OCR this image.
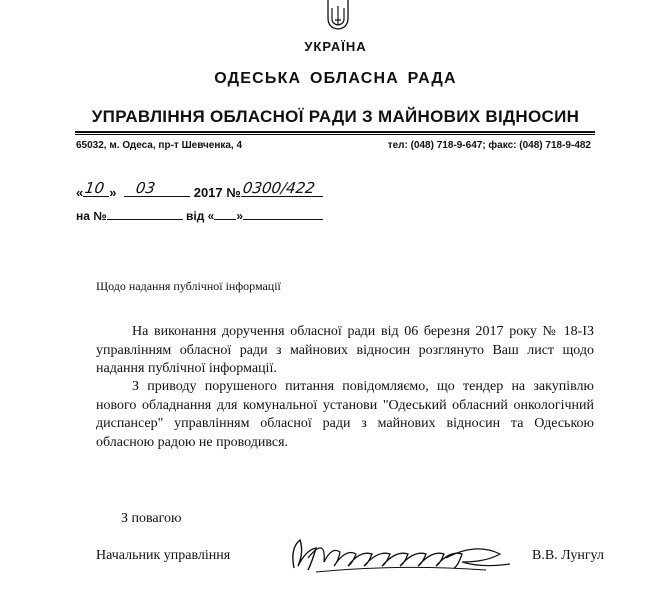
УКРАЇНА
ОДЕСЬКА ОБЛАСНА РАДА
УПРАВЛІННЯ ОБЛАСНОЇ РАДИ З МАЙНОВИХ ВІДНОСИН
65032, м. Одеса, пр-т Шевченка, 4	тел: (048) 718-9-647; факс: (048) 718-9-482
« 10 » 03	2017 № 0300/422
на №	від « »
Щодо надання публічної інформації
На виконання доручення обласної ради від 06 березня 2017 року № 18-ІЗ управлінням обласної ради з майнових відносин розглянуто Ваш лист щодо надання публічної інформації.
З приводу порушеного питання повідомляємо, що тендер на закупівлю нового обладнання для комунальної установи "Одеський обласний онкологічний диспансер" управлінням обласної ради з майнових відносин та Одеською обласною радою не проводився.
З повагою
Начальник управління	В.В. Лунгул
